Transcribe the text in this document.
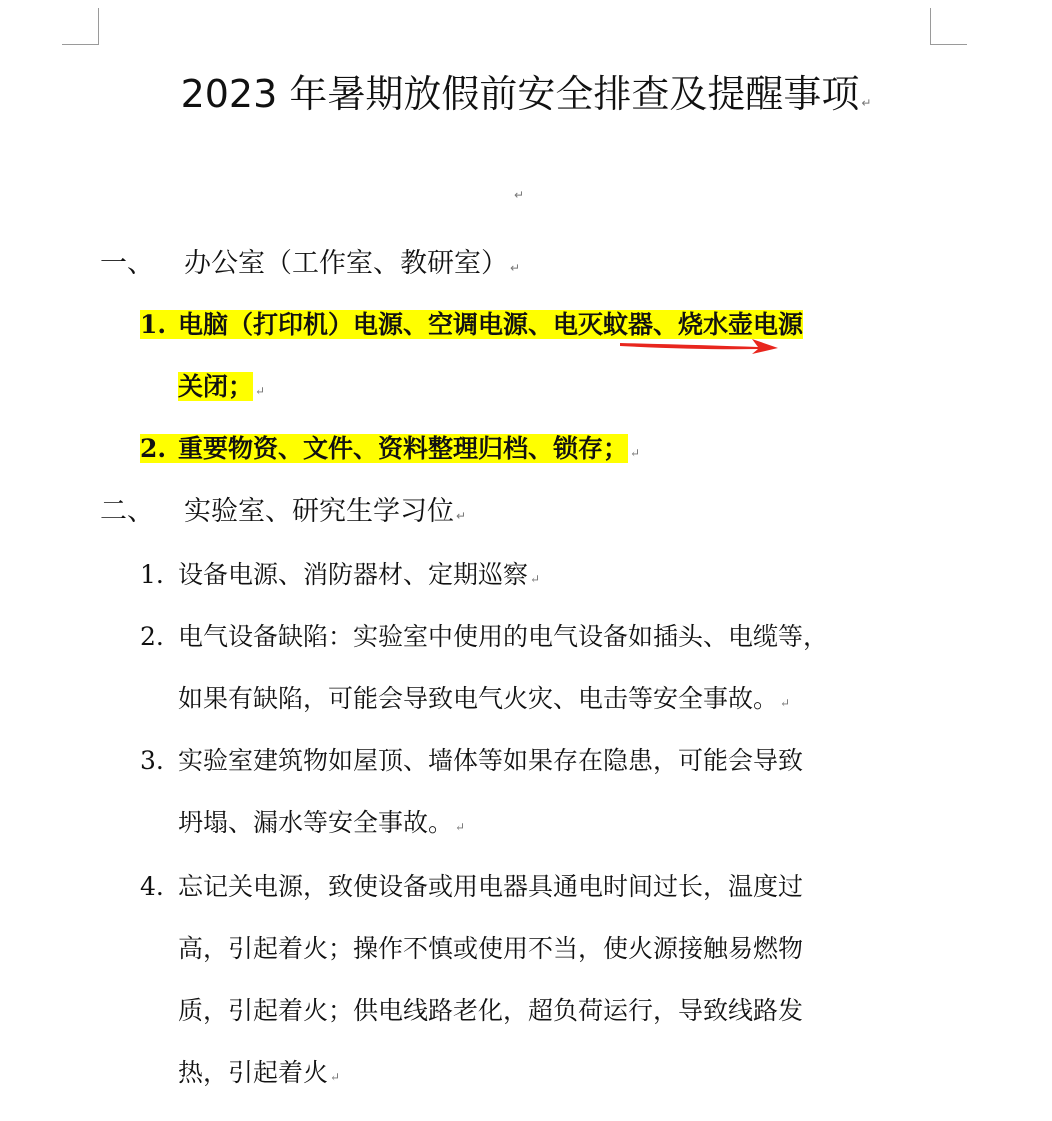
2023 年暑期放假前安全排查及提醒事项 ↵
↵
一、 办公室（工作室、教研室） ↵
1. 电脑（打印机）电源、空调电源、电灭蚊器、烧水壶电源
关闭； ↵
2. 重要物资、文件、资料整理归档、锁存； ↵
二、 实验室、研究生学习位 ↵
1. 设备电源、消防器材、定期巡察 ↵
2. 电气设备缺陷：实验室中使用的电气设备如插头、电缆等，
如果有缺陷，可能会导致电气火灾、电击等安全事故。 ↵
3. 实验室建筑物如屋顶、墙体等如果存在隐患，可能会导致
坍塌、漏水等安全事故。 ↵
4. 忘记关电源，致使设备或用电器具通电时间过长，温度过
高，引起着火；操作不慎或使用不当，使火源接触易燃物
质，引起着火；供电线路老化，超负荷运行，导致线路发
热，引起着火 ↵
